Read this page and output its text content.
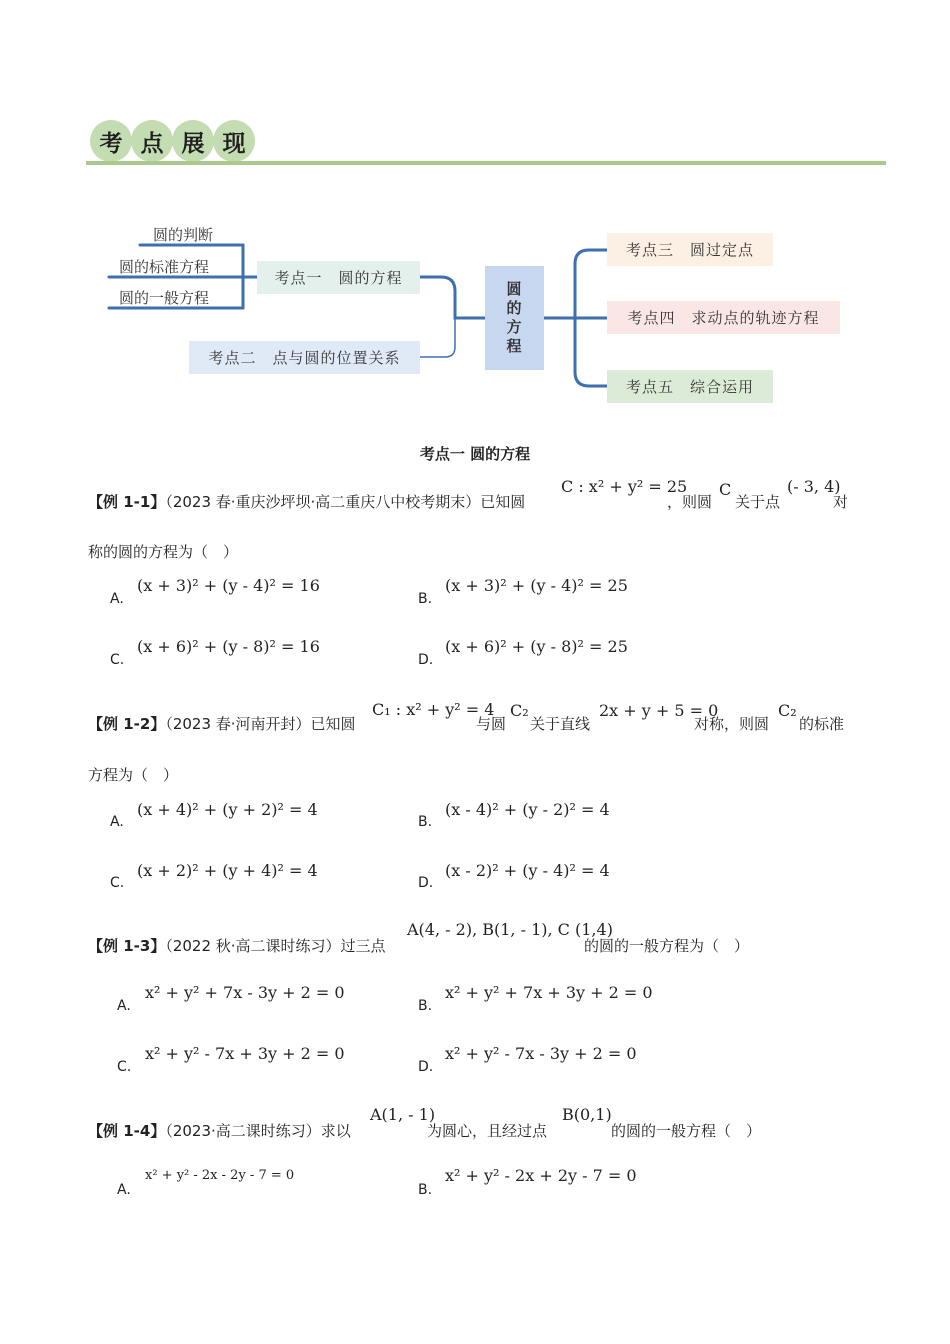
考 点 展 现
圆的判断
圆的标准方程
圆的一般方程
考点一　圆的方程
考点二　点与圆的位置关系
圆
的
方
程
考点三　圆过定点
考点四　求动点的轨迹方程
考点五　综合运用
考点一 圆的方程
【例 1-1】（2023 春·重庆沙坪坝·高二重庆八中校考期末）已知圆
C : x² + y² = 25
，则圆
C
关于点
(- 3, 4)
对
称的圆的方程为（　）
A.
(x + 3)² + (y - 4)² = 16
B.
(x + 3)² + (y - 4)² = 25
C.
(x + 6)² + (y - 8)² = 16
D.
(x + 6)² + (y - 8)² = 25
【例 1-2】（2023 春·河南开封）已知圆
C₁ : x² + y² = 4
与圆
C₂
关于直线
2x + y + 5 = 0
对称，则圆
C₂
的标准
方程为（　）
A.
(x + 4)² + (y + 2)² = 4
B.
(x - 4)² + (y - 2)² = 4
C.
(x + 2)² + (y + 4)² = 4
D.
(x - 2)² + (y - 4)² = 4
【例 1-3】（2022 秋·高二课时练习）过三点
A(4, - 2), B(1, - 1), C (1,4)
的圆的一般方程为（　）
A.
x² + y² + 7x - 3y + 2 = 0
B.
x² + y² + 7x + 3y + 2 = 0
C.
x² + y² - 7x + 3y + 2 = 0
D.
x² + y² - 7x - 3y + 2 = 0
【例 1-4】（2023·高二课时练习）求以
A(1, - 1)
为圆心，且经过点
B(0,1)
的圆的一般方程（　）
A.
x² + y² - 2x - 2y - 7 = 0
B.
x² + y² - 2x + 2y - 7 = 0
